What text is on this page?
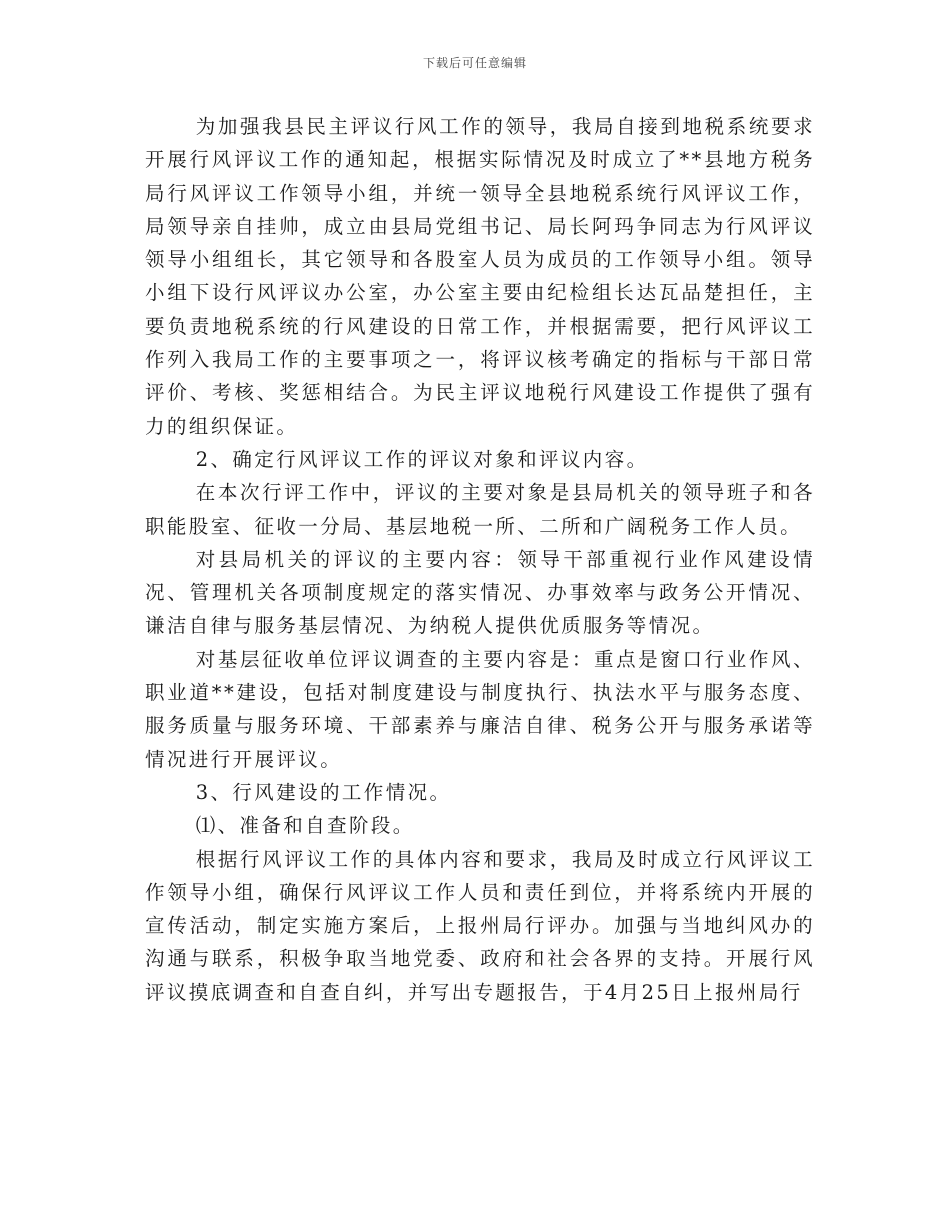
下载后可任意编辑

为加强我县民主评议行风工作的领导，我局自接到地税系统要求开展行风评议工作的通知起，根据实际情况及时成立了**县地方税务局行风评议工作领导小组，并统一领导全县地税系统行风评议工作，局领导亲自挂帅，成立由县局党组书记、局长阿玛争同志为行风评议领导小组组长，其它领导和各股室人员为成员的工作领导小组。领导小组下设行风评议办公室，办公室主要由纪检组长达瓦品楚担任，主要负责地税系统的行风建设的日常工作，并根据需要，把行风评议工作列入我局工作的主要事项之一，将评议核考确定的指标与干部日常评价、考核、奖惩相结合。为民主评议地税行风建设工作提供了强有力的组织保证。

2、确定行风评议工作的评议对象和评议内容。

在本次行评工作中，评议的主要对象是县局机关的领导班子和各职能股室、征收一分局、基层地税一所、二所和广阔税务工作人员。

对县局机关的评议的主要内容：领导干部重视行业作风建设情况、管理机关各项制度规定的落实情况、办事效率与政务公开情况、谦洁自律与服务基层情况、为纳税人提供优质服务等情况。

对基层征收单位评议调查的主要内容是：重点是窗口行业作风、职业道**建设，包括对制度建设与制度执行、执法水平与服务态度、服务质量与服务环境、干部素养与廉洁自律、税务公开与服务承诺等情况进行开展评议。

3、行风建设的工作情况。

⑴、准备和自查阶段。

根据行风评议工作的具体内容和要求，我局及时成立行风评议工作领导小组，确保行风评议工作人员和责任到位，并将系统内开展的宣传活动，制定实施方案后，上报州局行评办。加强与当地纠风办的沟通与联系，积极争取当地党委、政府和社会各界的支持。开展行风评议摸底调查和自查自纠，并写出专题报告，于4月25日上报州局行
